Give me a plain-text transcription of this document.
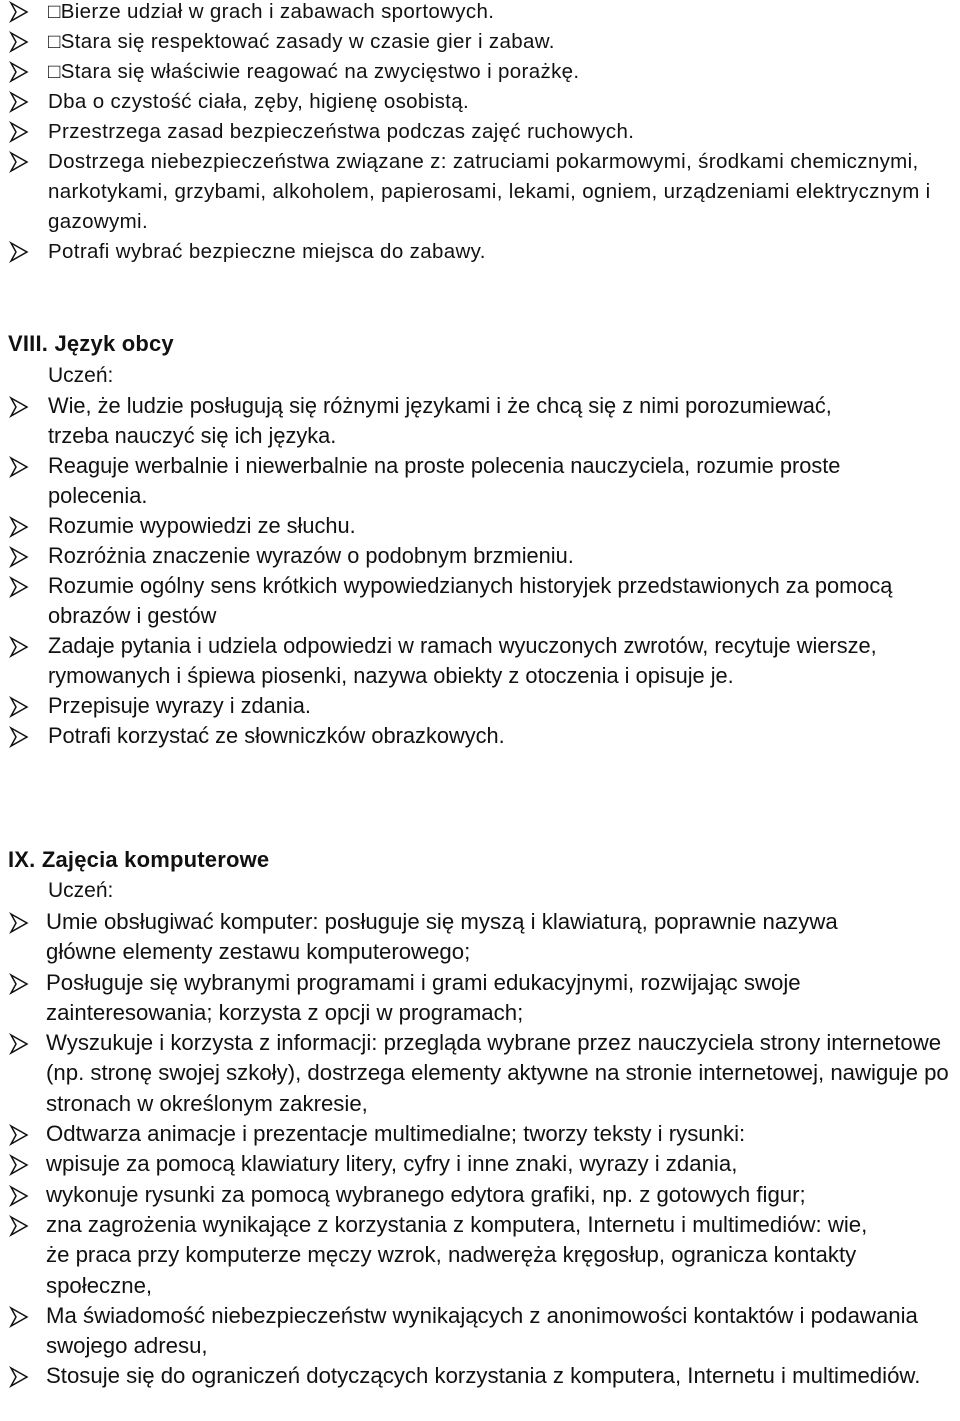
□Bierze udział w grach i zabawach sportowych.
□Stara się respektować zasady w czasie gier i zabaw.
□Stara się właściwie reagować na zwycięstwo i porażkę.
Dba o czystość ciała, zęby, higienę osobistą.
Przestrzega zasad bezpieczeństwa podczas zajęć ruchowych.
Dostrzega niebezpieczeństwa związane z: zatruciami pokarmowymi, środkami chemicznymi, narkotykami, grzybami, alkoholem, papierosami, lekami, ogniem, urządzeniami elektrycznym i gazowymi.
Potrafi wybrać bezpieczne miejsca do zabawy.
VIII. Język obcy
Uczeń:
Wie, że ludzie posługują się różnymi językami i że chcą się z nimi porozumiewać, trzeba nauczyć się ich języka.
Reaguje werbalnie i niewerbalnie na proste polecenia nauczyciela, rozumie proste polecenia.
Rozumie wypowiedzi ze słuchu.
Rozróżnia znaczenie wyrazów o podobnym brzmieniu.
Rozumie ogólny sens krótkich wypowiedzianych historyjek przedstawionych za pomocą obrazów i gestów
Zadaje pytania i udziela odpowiedzi w ramach wyuczonych zwrotów, recytuje wiersze, rymowanych i śpiewa piosenki, nazywa obiekty z otoczenia i opisuje je.
Przepisuje wyrazy i zdania.
Potrafi korzystać ze słowniczków obrazkowych.
IX. Zajęcia komputerowe
Uczeń:
Umie obsługiwać komputer: posługuje się myszą i klawiaturą, poprawnie nazywa główne elementy zestawu komputerowego;
Posługuje się wybranymi programami i grami edukacyjnymi, rozwijając swoje zainteresowania; korzysta z opcji w programach;
Wyszukuje i korzysta z informacji: przegląda wybrane przez nauczyciela strony internetowe (np. stronę swojej szkoły), dostrzega elementy aktywne na stronie internetowej, nawiguje po stronach w określonym zakresie,
Odtwarza animacje i prezentacje multimedialne; tworzy teksty i rysunki:
wpisuje za pomocą klawiatury litery, cyfry i inne znaki, wyrazy i zdania,
wykonuje rysunki za pomocą wybranego edytora grafiki, np. z gotowych figur;
zna zagrożenia wynikające z korzystania z komputera, Internetu i multimediów: wie, że praca przy komputerze męczy wzrok, nadweręża kręgosłup, ogranicza kontakty społeczne,
Ma świadomość niebezpieczeństw wynikających z anonimowości kontaktów i podawania swojego adresu,
Stosuje się do ograniczeń dotyczących korzystania z komputera, Internetu i multimediów.
